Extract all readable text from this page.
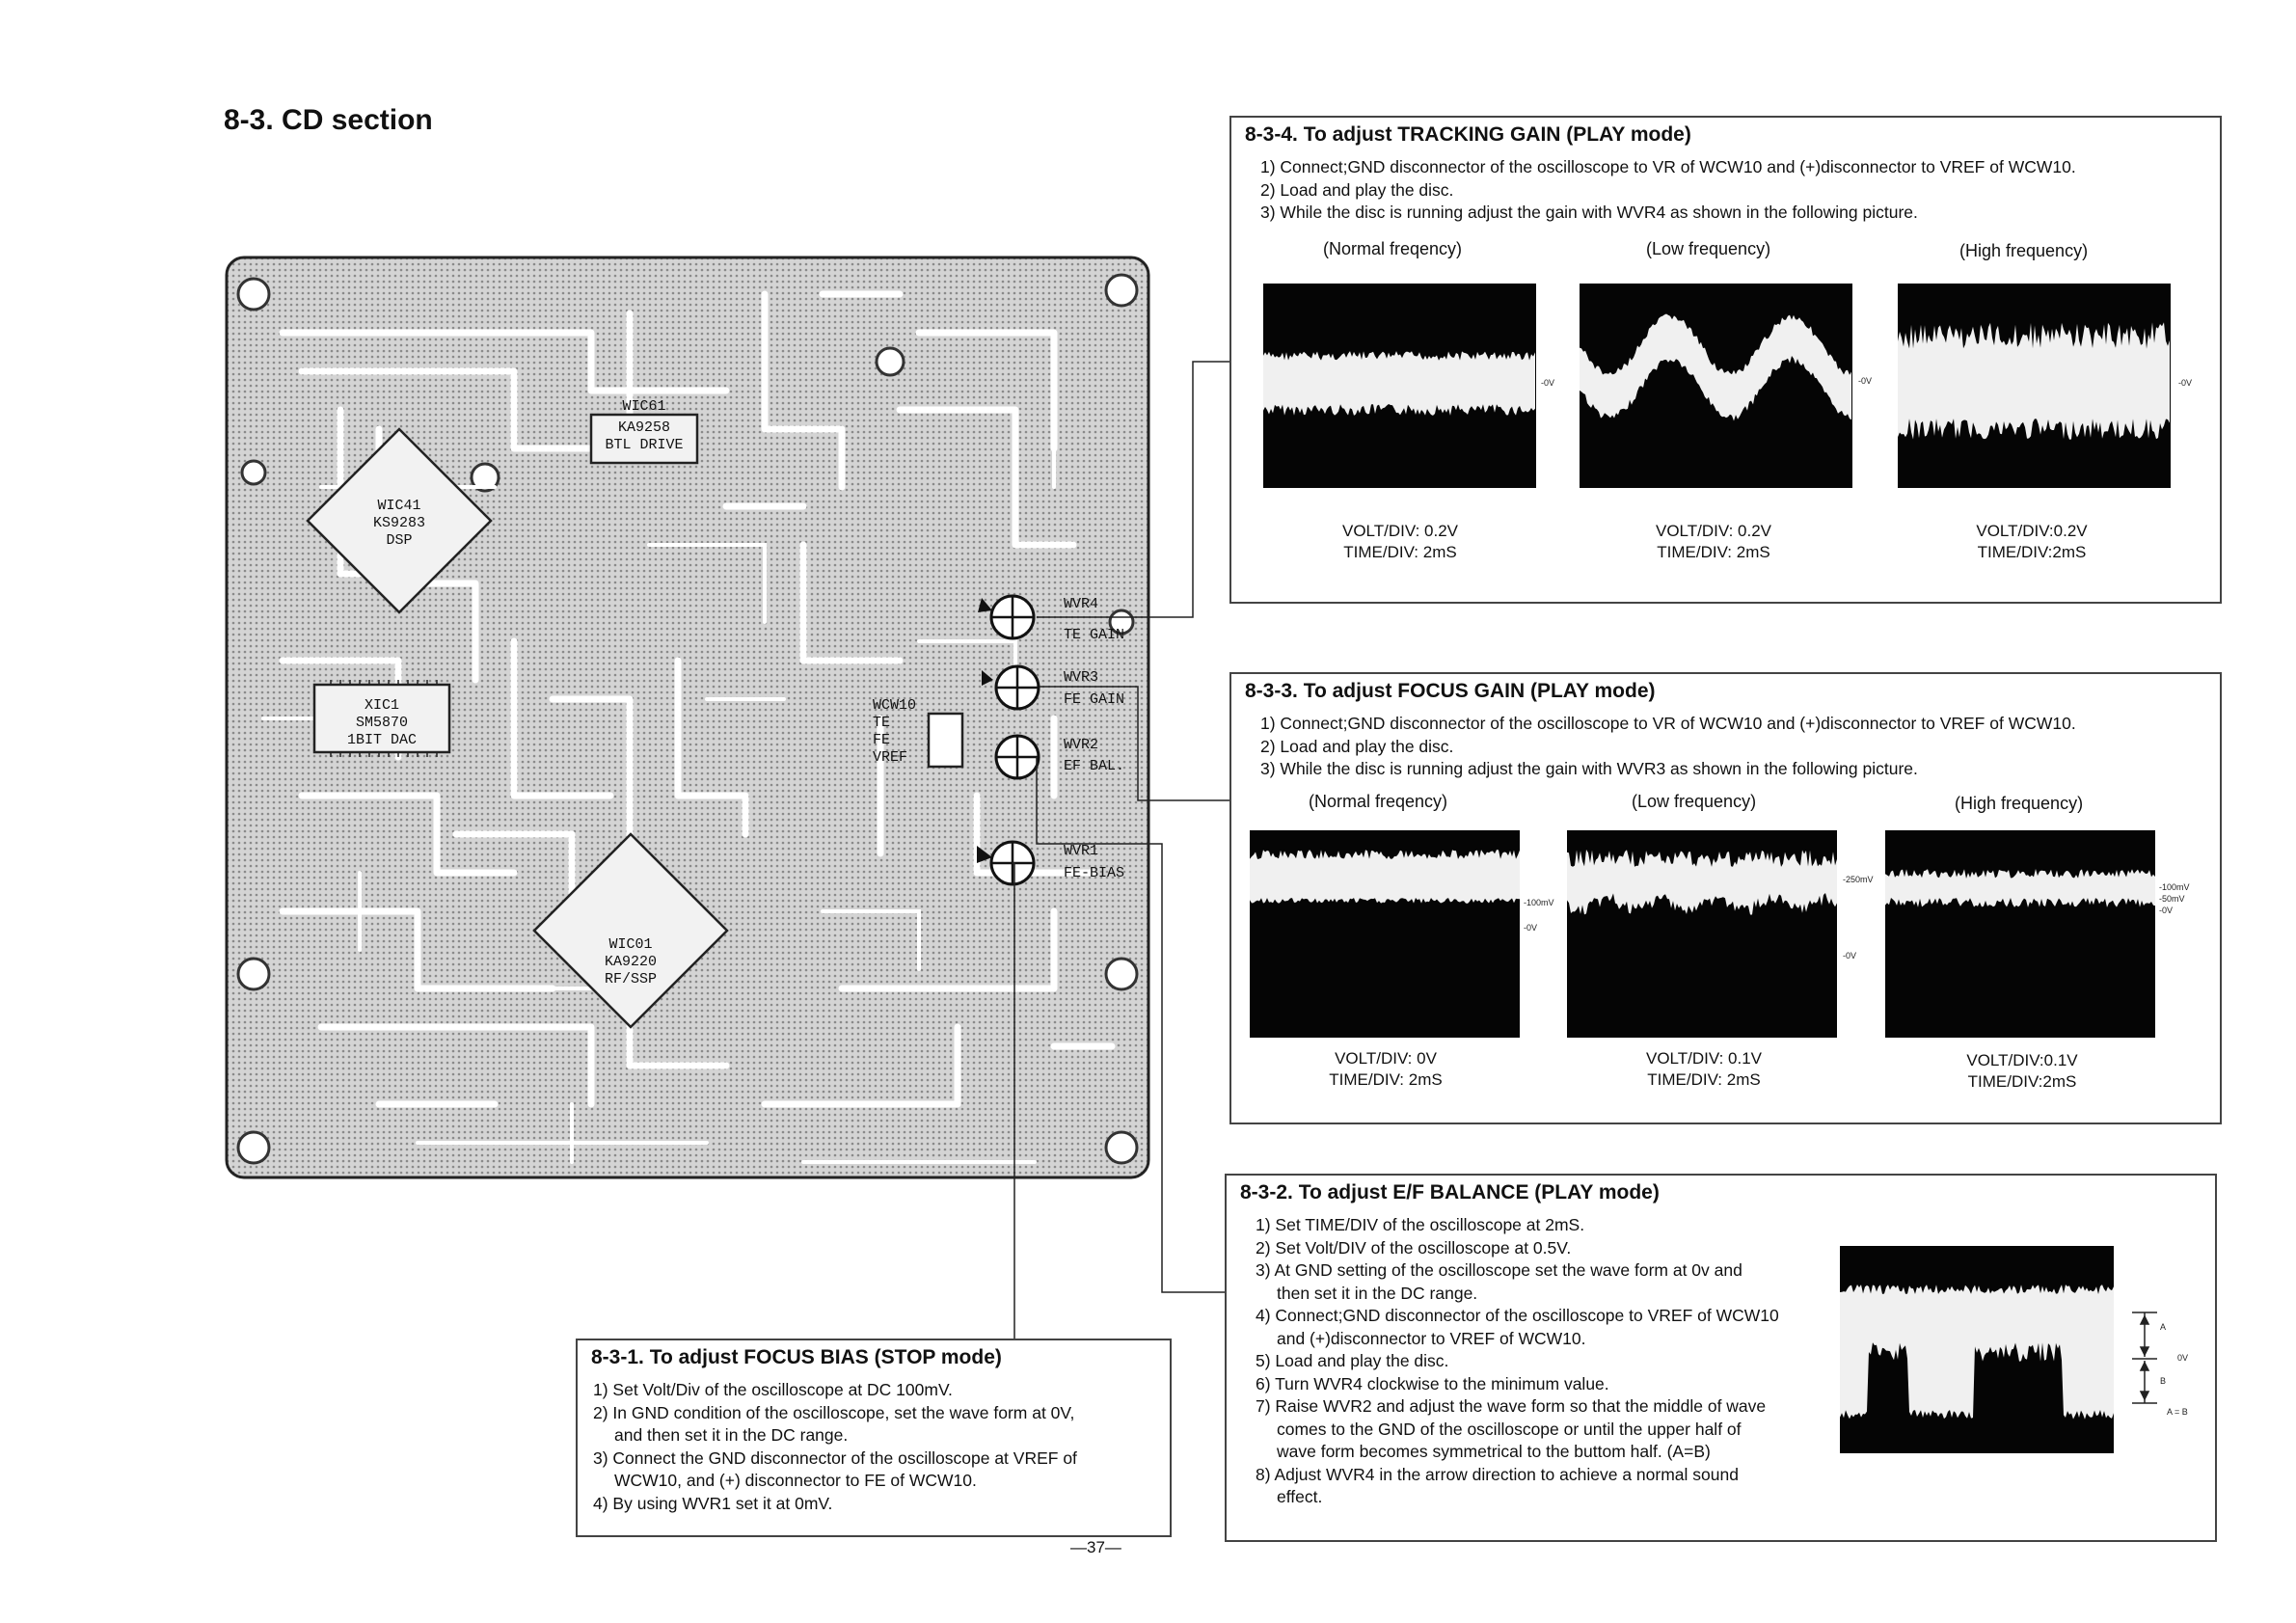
8-3. CD section
WIC41
KS9283
DSP
XIC1
SM5870
1BIT DAC
WIC01
KA9220
RF/SSP
KA9258
BTL DRIVE
WIC61
WCW10
TE
FE
VREF
WVR4
TE GAIN
WVR3
FE GAIN
WVR2
EF BAL.
WVR1
FE-BIAS
8-3-4. To adjust TRACKING GAIN (PLAY mode)
1) Connect;GND disconnector of the oscilloscope to VR of WCW10 and (+)disconnector to VREF of WCW10.
2) Load and play the disc.
3) While the disc is running adjust the gain with WVR4 as shown in the following picture.
(Normal freqency)	(Low frequency)	(High frequency)
-0V	-0V	-0V
VOLT/DIV: 0.2V
TIME/DIV: 2mS
VOLT/DIV: 0.2V
TIME/DIV: 2mS
VOLT/DIV:0.2V
TIME/DIV:2mS
8-3-3. To adjust FOCUS GAIN (PLAY mode)
1) Connect;GND disconnector of the oscilloscope to VR of WCW10 and (+)disconnector to VREF of WCW10.
2) Load and play the disc.
3) While the disc is running adjust the gain with WVR3 as shown in the following picture.
(Normal freqency)	(Low frequency)	(High frequency)
-100mV
-0V
-250mV
-0V
-100mV
-50mV
-0V
VOLT/DIV: 0V
TIME/DIV: 2mS
VOLT/DIV: 0.1V
TIME/DIV: 2mS
VOLT/DIV:0.1V
TIME/DIV:2mS
8-3-2. To adjust E/F BALANCE (PLAY mode)
1) Set TIME/DIV of the oscilloscope at 2mS.
2) Set Volt/DIV of the oscilloscope at 0.5V.
3) At GND setting of the oscilloscope set the wave form at 0v and
then set it in the DC range.
4) Connect;GND disconnector of the oscilloscope to VREF of WCW10
and (+)disconnector to VREF of WCW10.
5) Load and play the disc.
6) Turn WVR4 clockwise to the minimum value.
7) Raise WVR2 and adjust the wave form so that the middle of wave
comes to the GND of the oscilloscope or until the upper half of
wave form becomes symmetrical to the buttom half. (A=B)
8) Adjust WVR4 in the arrow direction to achieve a normal sound
effect.
A
0V
B
A = B
8-3-1. To adjust FOCUS BIAS (STOP mode)
1) Set Volt/Div of the oscilloscope at DC 100mV.
2) In GND condition of the oscilloscope, set the wave form at 0V,
and then set it in the DC range.
3) Connect the GND disconnector of the oscilloscope at VREF of
WCW10, and (+) disconnector to FE of WCW10.
4) By using WVR1 set it at 0mV.
—37—
